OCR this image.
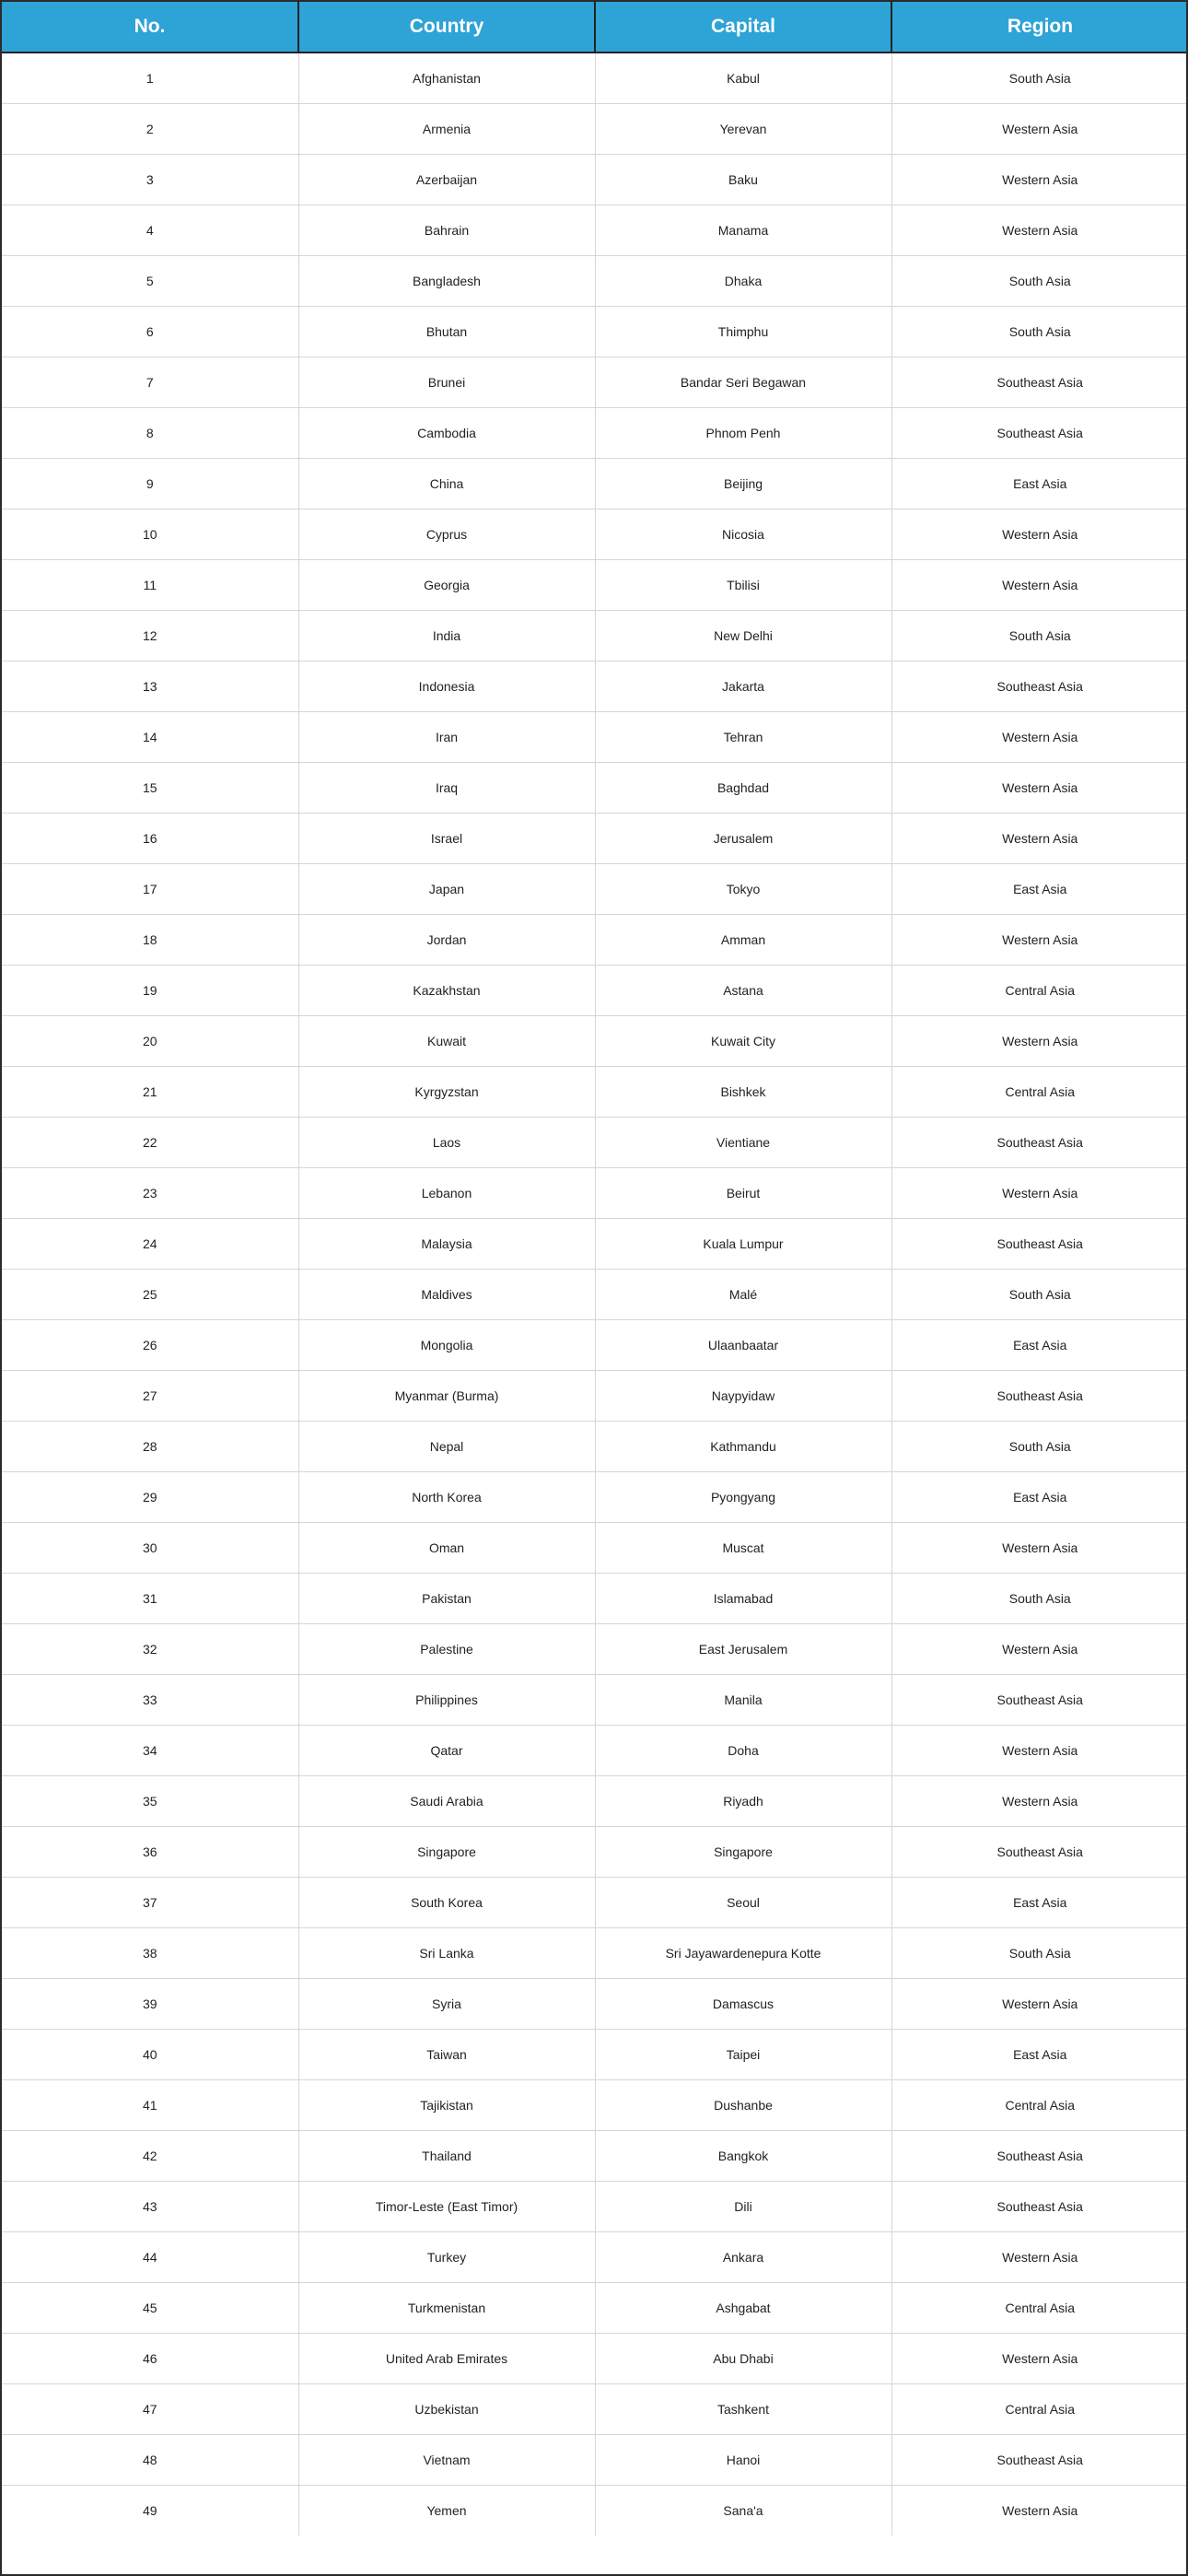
No.	Country	Capital	Region
1	Afghanistan	Kabul	South Asia
2	Armenia	Yerevan	Western Asia
3	Azerbaijan	Baku	Western Asia
4	Bahrain	Manama	Western Asia
5	Bangladesh	Dhaka	South Asia
6	Bhutan	Thimphu	South Asia
7	Brunei	Bandar Seri Begawan	Southeast Asia
8	Cambodia	Phnom Penh	Southeast Asia
9	China	Beijing	East Asia
10	Cyprus	Nicosia	Western Asia
11	Georgia	Tbilisi	Western Asia
12	India	New Delhi	South Asia
13	Indonesia	Jakarta	Southeast Asia
14	Iran	Tehran	Western Asia
15	Iraq	Baghdad	Western Asia
16	Israel	Jerusalem	Western Asia
17	Japan	Tokyo	East Asia
18	Jordan	Amman	Western Asia
19	Kazakhstan	Astana	Central Asia
20	Kuwait	Kuwait City	Western Asia
21	Kyrgyzstan	Bishkek	Central Asia
22	Laos	Vientiane	Southeast Asia
23	Lebanon	Beirut	Western Asia
24	Malaysia	Kuala Lumpur	Southeast Asia
25	Maldives	Malé	South Asia
26	Mongolia	Ulaanbaatar	East Asia
27	Myanmar (Burma)	Naypyidaw	Southeast Asia
28	Nepal	Kathmandu	South Asia
29	North Korea	Pyongyang	East Asia
30	Oman	Muscat	Western Asia
31	Pakistan	Islamabad	South Asia
32	Palestine	East Jerusalem	Western Asia
33	Philippines	Manila	Southeast Asia
34	Qatar	Doha	Western Asia
35	Saudi Arabia	Riyadh	Western Asia
36	Singapore	Singapore	Southeast Asia
37	South Korea	Seoul	East Asia
38	Sri Lanka	Sri Jayawardenepura Kotte	South Asia
39	Syria	Damascus	Western Asia
40	Taiwan	Taipei	East Asia
41	Tajikistan	Dushanbe	Central Asia
42	Thailand	Bangkok	Southeast Asia
43	Timor-Leste (East Timor)	Dili	Southeast Asia
44	Turkey	Ankara	Western Asia
45	Turkmenistan	Ashgabat	Central Asia
46	United Arab Emirates	Abu Dhabi	Western Asia
47	Uzbekistan	Tashkent	Central Asia
48	Vietnam	Hanoi	Southeast Asia
49	Yemen	Sana'a	Western Asia
